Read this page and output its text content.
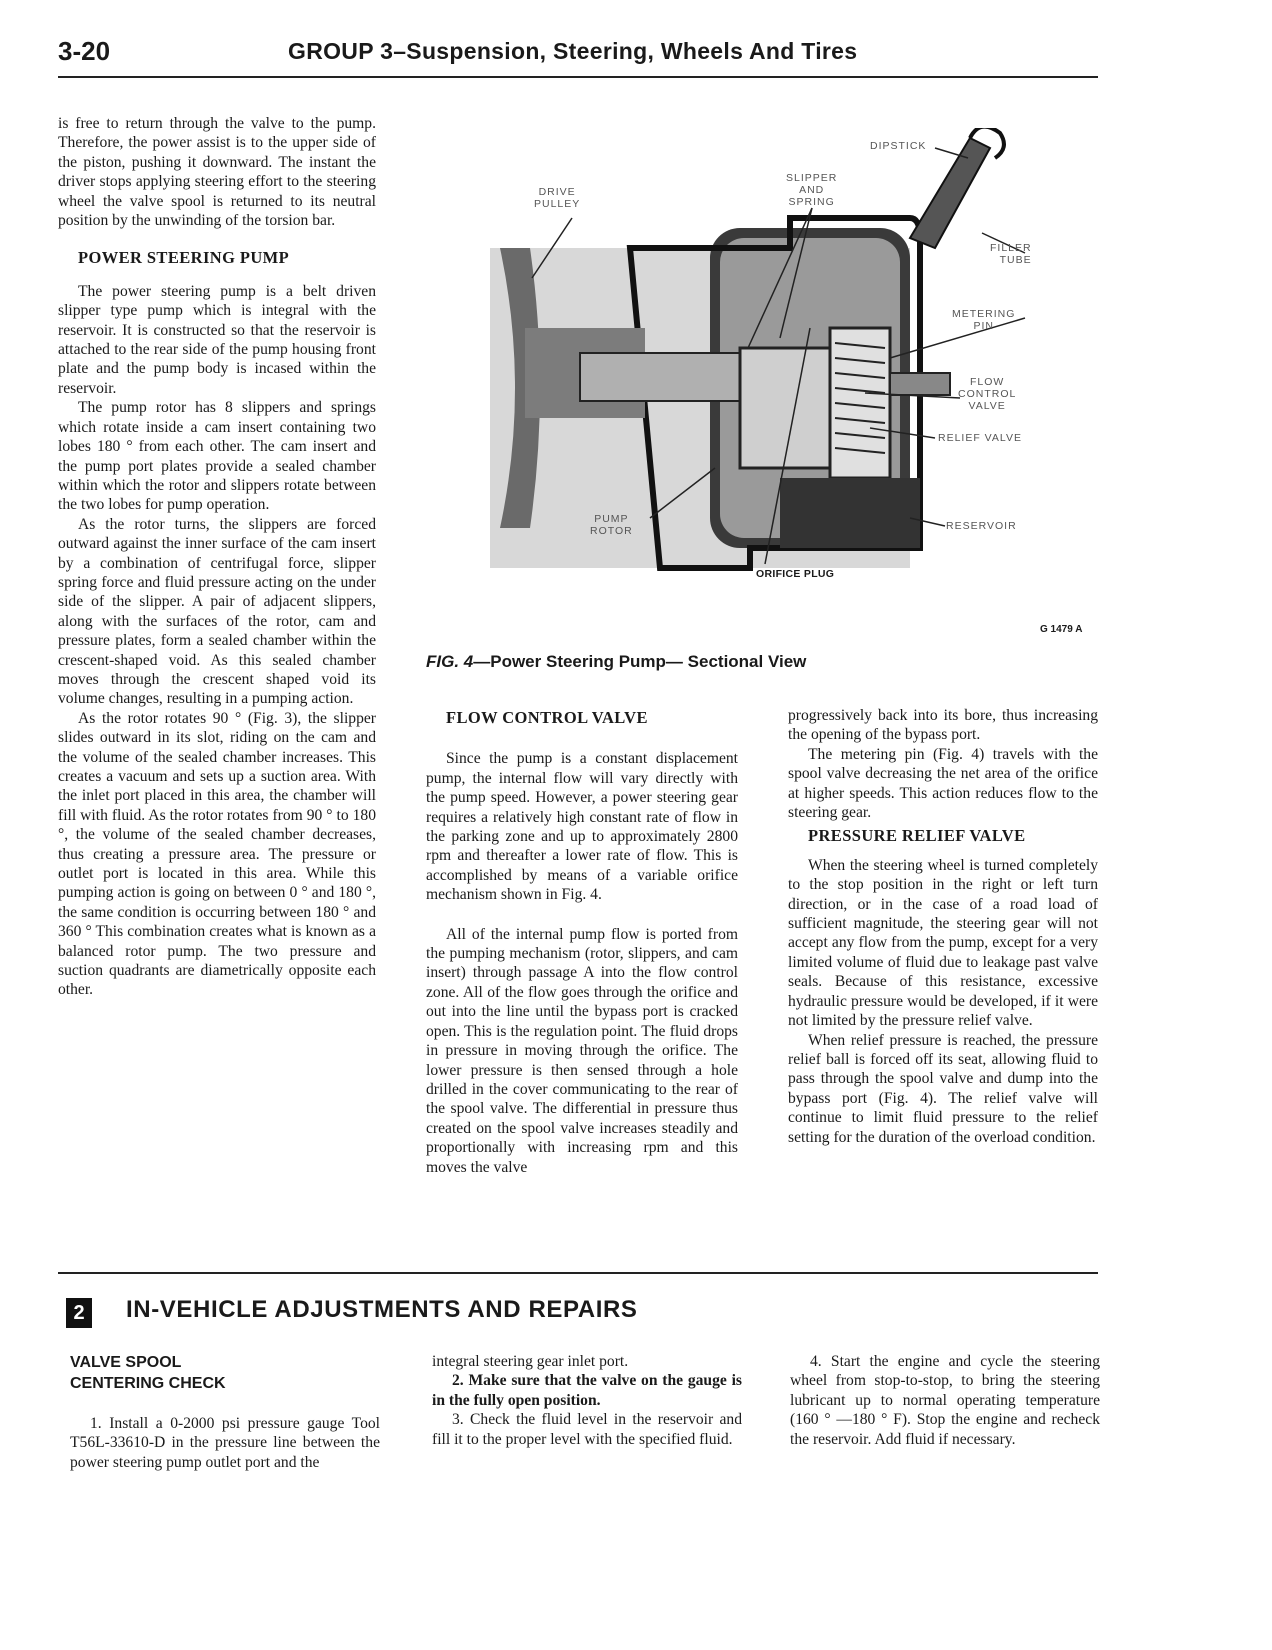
3-20	GROUP 3–Suspension, Steering, Wheels And Tires

is free to return through the valve to the pump. Therefore, the power assist is to the upper side of the piston, pushing it downward. The instant the driver stops applying steering effort to the steering wheel the valve spool is returned to its neutral position by the unwinding of the torsion bar.

POWER STEERING PUMP

The power steering pump is a belt driven slipper type pump which is integral with the reservoir. It is constructed so that the reservoir is attached to the rear side of the pump housing front plate and the pump body is incased within the reservoir.

The pump rotor has 8 slippers and springs which rotate inside a cam insert containing two lobes 180 ° from each other. The cam insert and the pump port plates provide a sealed chamber within which the rotor and slippers rotate between the two lobes for pump operation.

As the rotor turns, the slippers are forced outward against the inner surface of the cam insert by a combination of centrifugal force, slipper spring force and fluid pressure acting on the under side of the slipper. A pair of adjacent slippers, along with the surfaces of the rotor, cam and pressure plates, form a sealed chamber within the crescent-shaped void. As this sealed chamber moves through the crescent shaped void its volume changes, resulting in a pumping action.

As the rotor rotates 90 ° (Fig. 3), the slipper slides outward in its slot, riding on the cam and the volume of the sealed chamber increases. This creates a vacuum and sets up a suction area. With the inlet port placed in this area, the chamber will fill with fluid. As the rotor rotates from 90 ° to 180 °, the volume of the sealed chamber decreases, thus creating a pressure area. The pressure or outlet port is located in this area. While this pumping action is going on between 0 ° and 180 °, the same condition is occurring between 180 ° and 360 ° This combination creates what is known as a balanced rotor pump. The two pressure and suction quadrants are diametrically opposite each other.

DIPSTICK
SLIPPER
AND
SPRING
DRIVE
PULLEY
FILLER
TUBE
METERING
PIN
FLOW
CONTROL
VALVE
RELIEF VALVE
PUMP
ROTOR	RESERVOIR
ORIFICE PLUG
G 1479 A
FIG. 4—Power Steering Pump— Sectional View
FLOW CONTROL VALVE

Since the pump is a constant displacement pump, the internal flow will vary directly with the pump speed. However, a power steering gear requires a relatively high constant rate of flow in the parking zone and up to approximately 2800 rpm and thereafter a lower rate of flow. This is accomplished by means of a variable orifice mechanism shown in Fig. 4.

All of the internal pump flow is ported from the pumping mechanism (rotor, slippers, and cam insert) through passage A into the flow control zone. All of the flow goes through the orifice and out into the line until the bypass port is cracked open. This is the regulation point. The fluid drops in pressure in moving through the orifice. The lower pressure is then sensed through a hole drilled in the cover communicating to the rear of the spool valve. The differential in pressure thus created on the spool valve increases steadily and proportionally with increasing rpm and this moves the valve

progressively back into its bore, thus increasing the opening of the bypass port.

The metering pin (Fig. 4) travels with the spool valve decreasing the net area of the orifice at higher speeds. This action reduces flow to the steering gear.

PRESSURE RELIEF VALVE

When the steering wheel is turned completely to the stop position in the right or left turn direction, or in the case of a road load of sufficient magnitude, the steering gear will not accept any flow from the pump, except for a very limited volume of fluid due to leakage past valve seals. Because of this resistance, excessive hydraulic pressure would be developed, if it were not limited by the pressure relief valve.

When relief pressure is reached, the pressure relief ball is forced off its seat, allowing fluid to pass through the spool valve and dump into the bypass port (Fig. 4). The relief valve will continue to limit fluid pressure to the relief setting for the duration of the overload condition.

2	IN-VEHICLE ADJUSTMENTS AND REPAIRS
VALVE SPOOL
CENTERING CHECK

1. Install a 0-2000 psi pressure gauge Tool T56L-33610-D in the pressure line between the power steering pump outlet port and the

integral steering gear inlet port.

2. Make sure that the valve on the gauge is in the fully open position.

3. Check the fluid level in the reservoir and fill it to the proper level with the specified fluid.

4. Start the engine and cycle the steering wheel from stop-to-stop, to bring the steering lubricant up to normal operating temperature (160 ° —180 ° F). Stop the engine and recheck the reservoir. Add fluid if necessary.
